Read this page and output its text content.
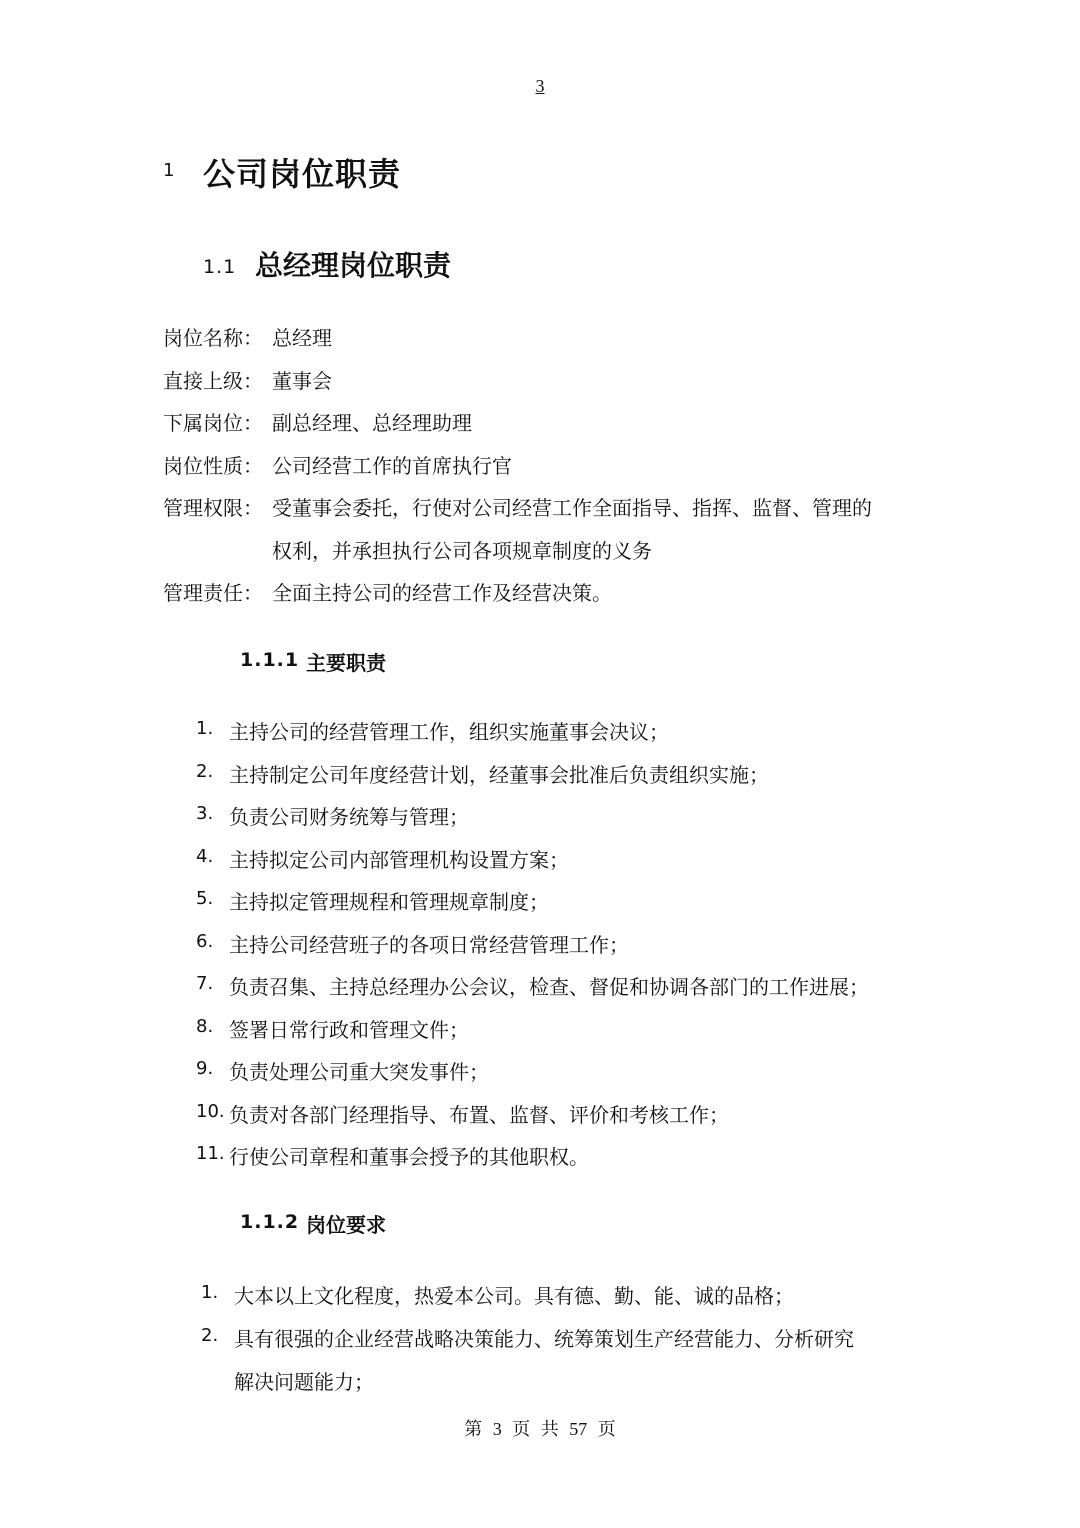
3
1 公司岗位职责
1.1 总经理岗位职责
岗位名称： 总经理
直接上级： 董事会
下属岗位： 副总经理、总经理助理
岗位性质： 公司经营工作的首席执行官
管理权限： 受董事会委托，行使对公司经营工作全面指导、指挥、监督、管理的
权利，并承担执行公司各项规章制度的义务
管理责任： 全面主持公司的经营工作及经营决策。
1.1.1 主要职责
1. 主持公司的经营管理工作，组织实施董事会决议；
2. 主持制定公司年度经营计划，经董事会批准后负责组织实施；
3. 负责公司财务统筹与管理；
4. 主持拟定公司内部管理机构设置方案；
5. 主持拟定管理规程和管理规章制度；
6. 主持公司经营班子的各项日常经营管理工作；
7. 负责召集、主持总经理办公会议，检查、督促和协调各部门的工作进展；
8. 签署日常行政和管理文件；
9. 负责处理公司重大突发事件；
10. 负责对各部门经理指导、布置、监督、评价和考核工作；
11. 行使公司章程和董事会授予的其他职权。
1.1.2 岗位要求
1. 大本以上文化程度，热爱本公司。具有德、勤、能、诚的品格；
2. 具有很强的企业经营战略决策能力、统筹策划生产经营能力、分析研究
解决问题能力；
第 3 页 共 57 页
